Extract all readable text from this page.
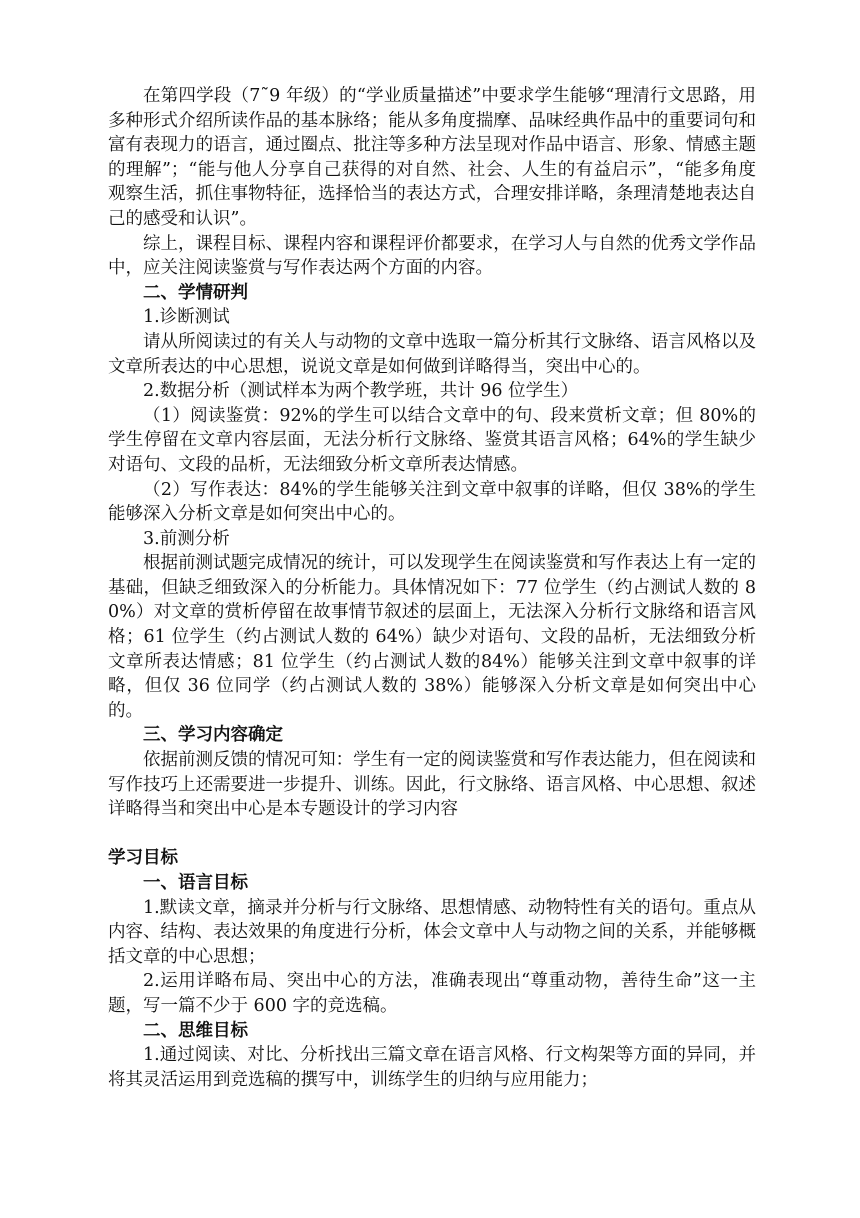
在第四学段（7˜9 年级）的“学业质量描述”中要求学生能够“理清行文思路，用多种形式介绍所读作品的基本脉络；能从多角度揣摩、品味经典作品中的重要词句和富有表现力的语言，通过圈点、批注等多种方法呈现对作品中语言、形象、情感主题的理解”；“能与他人分享自己获得的对自然、社会、人生的有益启示”，“能多角度观察生活，抓住事物特征，选择恰当的表达方式，合理安排详略，条理清楚地表达自己的感受和认识”。

综上，课程目标、课程内容和课程评价都要求，在学习人与自然的优秀文学作品中，应关注阅读鉴赏与写作表达两个方面的内容。

二、学情研判

1.诊断测试

请从所阅读过的有关人与动物的文章中选取一篇分析其行文脉络、语言风格以及文章所表达的中心思想，说说文章是如何做到详略得当，突出中心的。

2.数据分析（测试样本为两个教学班，共计 96 位学生）

（1）阅读鉴赏：92%的学生可以结合文章中的句、段来赏析文章；但 80%的学生停留在文章内容层面，无法分析行文脉络、鉴赏其语言风格；64%的学生缺少对语句、文段的品析，无法细致分析文章所表达情感。

（2）写作表达：84%的学生能够关注到文章中叙事的详略，但仅 38%的学生能够深入分析文章是如何突出中心的。

3.前测分析

根据前测试题完成情况的统计，可以发现学生在阅读鉴赏和写作表达上有一定的基础，但缺乏细致深入的分析能力。具体情况如下：77 位学生（约占测试人数的 80%）对文章的赏析停留在故事情节叙述的层面上，无法深入分析行文脉络和语言风格；61 位学生（约占测试人数的 64%）缺少对语句、文段的品析，无法细致分析文章所表达情感；81 位学生（约占测试人数的84%）能够关注到文章中叙事的详略，但仅 36 位同学（约占测试人数的 38%）能够深入分析文章是如何突出中心的。

三、学习内容确定

依据前测反馈的情况可知：学生有一定的阅读鉴赏和写作表达能力，但在阅读和写作技巧上还需要进一步提升、训练。因此，行文脉络、语言风格、中心思想、叙述详略得当和突出中心是本专题设计的学习内容

学习目标

一、语言目标

1.默读文章，摘录并分析与行文脉络、思想情感、动物特性有关的语句。重点从内容、结构、表达效果的角度进行分析，体会文章中人与动物之间的关系，并能够概括文章的中心思想；

2.运用详略布局、突出中心的方法，准确表现出“尊重动物，善待生命”这一主题，写一篇不少于 600 字的竞选稿。

二、思维目标

1.通过阅读、对比、分析找出三篇文章在语言风格、行文构架等方面的异同，并将其灵活运用到竞选稿的撰写中，训练学生的归纳与应用能力；
